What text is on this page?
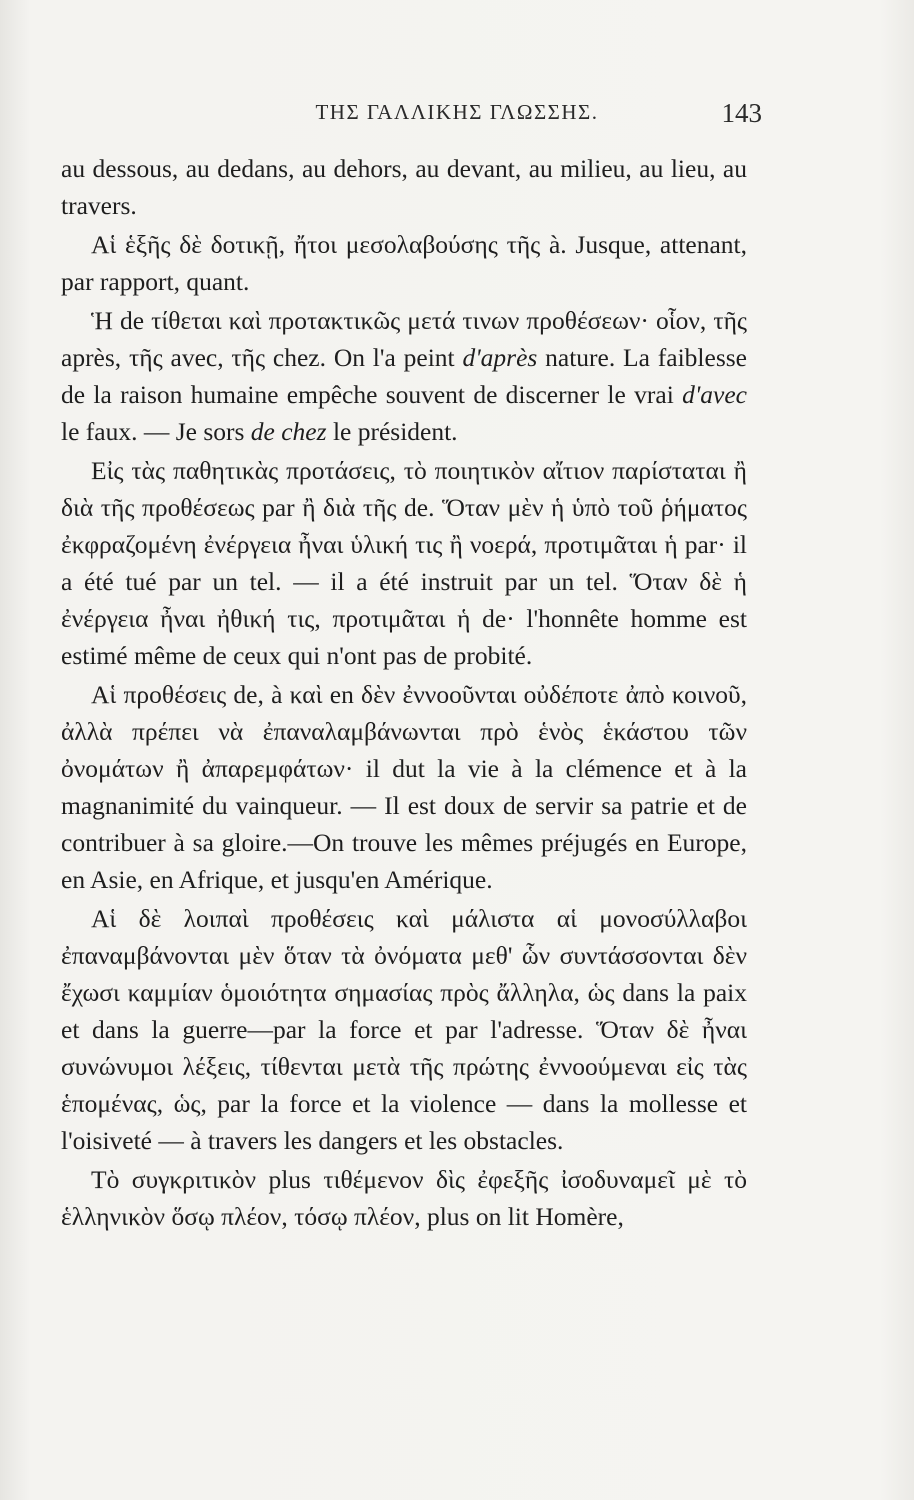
ΤΗΣ ΓΑΛΛΙΚΗΣ ΓΛΩΣΣΗΣ.	143

au dessous, au dedans, au dehors, au devant, au milieu, au lieu, au travers.

Αἱ ἑξῆς δὲ δοτικῇ, ἤτοι μεσολαβούσης τῆς à. Jusque, attenant, par rapport, quant.

Ἡ de τίθεται καὶ προτακτικῶς μετά τινων προθέσεων· οἷον, τῆς après, τῆς avec, τῆς chez. On l'a peint d'après nature. La faiblesse de la raison humaine empêche souvent de discerner le vrai d'avec le faux. — Je sors de chez le président.

Εἰς τὰς παθητικὰς προτάσεις, τὸ ποιητικὸν αἴτιον παρίσταται ἢ διὰ τῆς προθέσεως par ἢ διὰ τῆς de. Ὅταν μὲν ἡ ὑπὸ τοῦ ῥήματος ἐκφραζομένη ἐνέργεια ἦναι ὑλική τις ἢ νοερά, προτιμᾶται ἡ par· il a été tué par un tel. — il a été instruit par un tel. Ὅταν δὲ ἡ ἐνέργεια ἦναι ἠθική τις, προτιμᾶται ἡ de· l'honnête homme est estimé même de ceux qui n'ont pas de probité.

Αἱ προθέσεις de, à καὶ en δὲν ἐννοοῦνται οὐδέποτε ἀπὸ κοινοῦ, ἀλλὰ πρέπει νὰ ἐπαναλαμβάνωνται πρὸ ἑνὸς ἑκάστου τῶν ὀνομάτων ἢ ἀπαρεμφάτων· il dut la vie à la clémence et à la magnanimité du vainqueur. — Il est doux de servir sa patrie et de contribuer à sa gloire.—On trouve les mêmes préjugés en Europe, en Asie, en Afrique, et jusqu'en Amérique.

Αἱ δὲ λοιπαὶ προθέσεις καὶ μάλιστα αἱ μονοσύλλαβοι ἐπαναμβάνονται μὲν ὅταν τὰ ὀνόματα μεθ' ὧν συντάσσονται δὲν ἔχωσι καμμίαν ὁμοιότητα σημασίας πρὸς ἄλληλα, ὡς dans la paix et dans la guerre—par la force et par l'adresse. Ὅταν δὲ ἦναι συνώνυμοι λέξεις, τίθενται μετὰ τῆς πρώτης ἐννοούμεναι εἰς τὰς ἑπομένας, ὡς, par la force et la violence — dans la mollesse et l'oisiveté — à travers les dangers et les obstacles.

Τὸ συγκριτικὸν plus τιθέμενον δὶς ἐφεξῆς ἰσοδυναμεῖ μὲ τὸ ἑλληνικὸν ὅσῳ πλέον, τόσῳ πλέον, plus on lit Homère,
